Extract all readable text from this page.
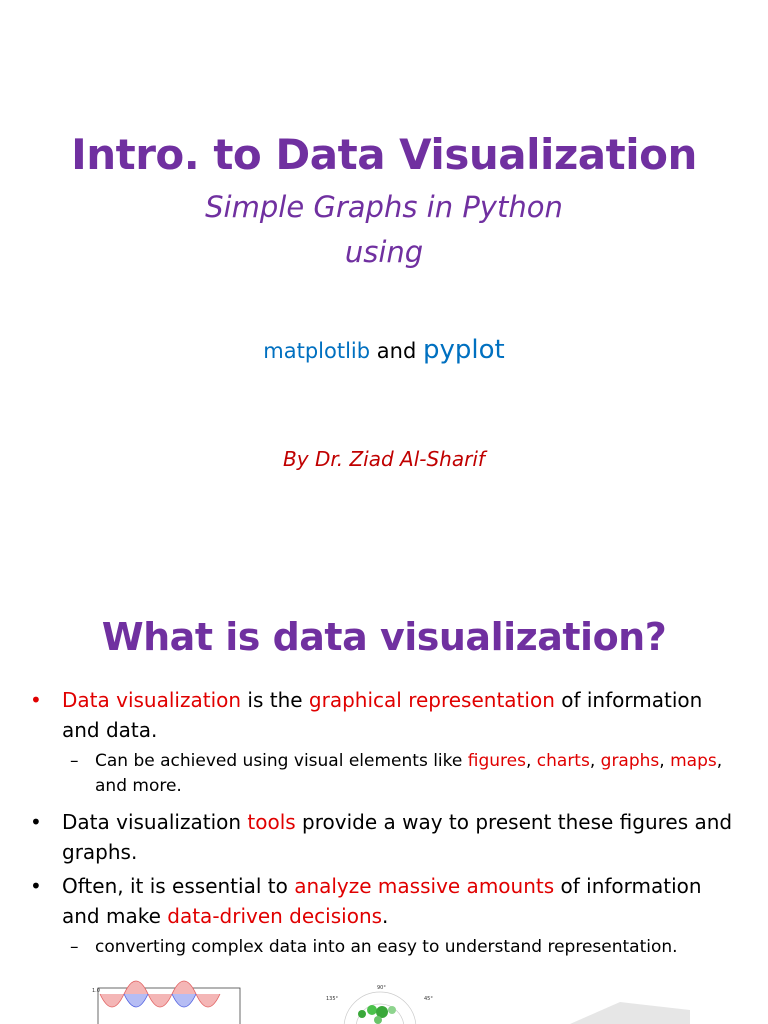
Intro. to Data Visualization
Simple Graphs in Python
using
matplotlib and pyplot
By Dr. Ziad Al-Sharif
What is data visualization?
• Data visualization is the graphical representation of information and data.
– Can be achieved using visual elements like figures, charts, graphs, maps, and more.
• Data visualization tools provide a way to present these figures and graphs.
• Often, it is essential to analyze massive amounts of information and make data-driven decisions.
– converting complex data into an easy to understand representation.
1.0	90°
135°	45°
